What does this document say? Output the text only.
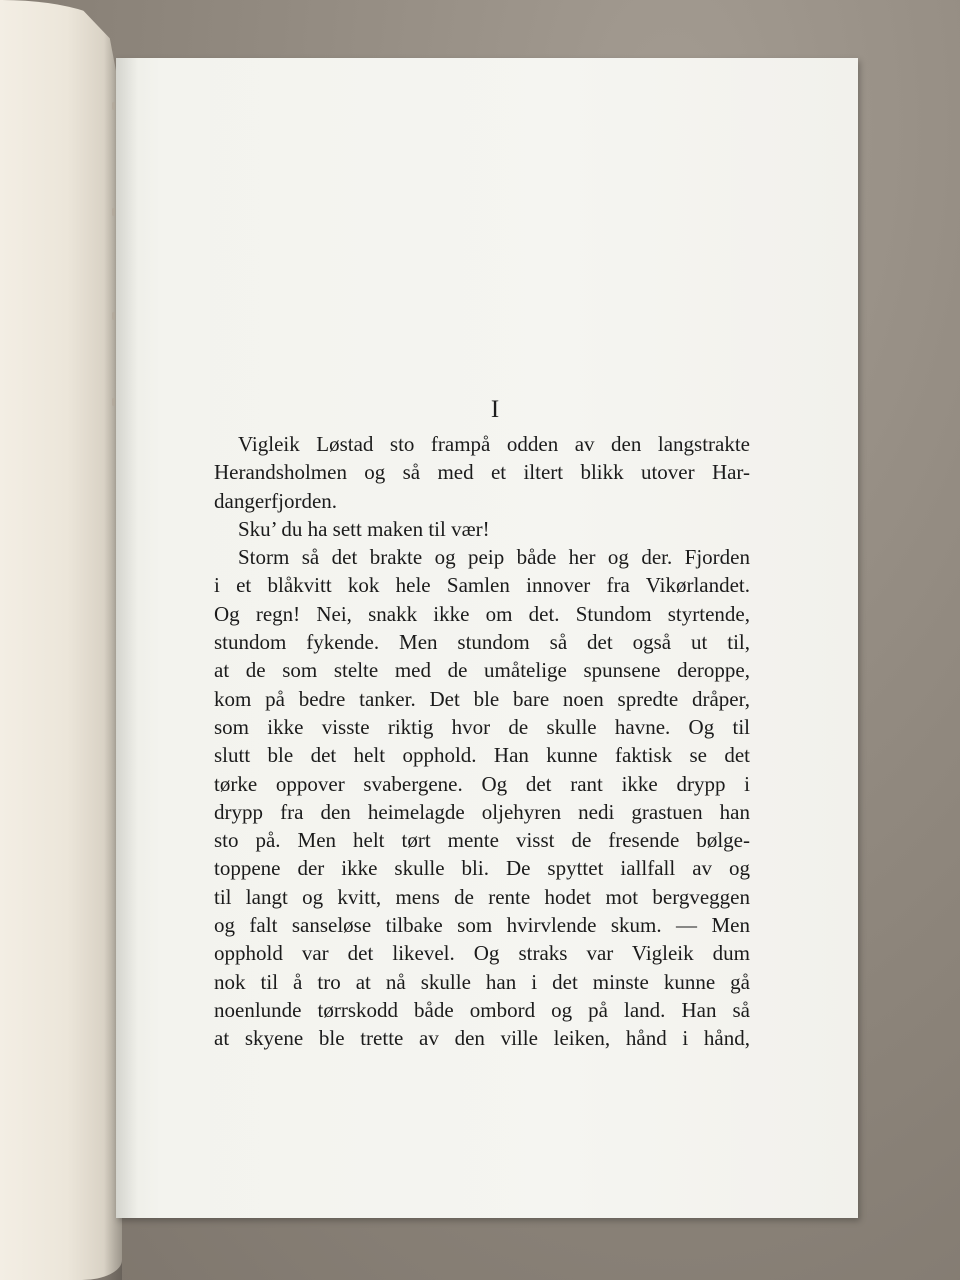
I
Vigleik Løstad sto frampå odden av den langstrakte
Herandsholmen og så med et iltert blikk utover Har-
dangerfjorden.
Sku’ du ha sett maken til vær!
Storm så det brakte og peip både her og der. Fjorden
i et blåkvitt kok hele Samlen innover fra Vikørlandet.
Og regn! Nei, snakk ikke om det. Stundom styrtende,
stundom fykende. Men stundom så det også ut til,
at de som stelte med de umåtelige spunsene deroppe,
kom på bedre tanker. Det ble bare noen spredte dråper,
som ikke visste riktig hvor de skulle havne. Og til
slutt ble det helt opphold. Han kunne faktisk se det
tørke oppover svabergene. Og det rant ikke drypp i
drypp fra den heimelagde oljehyren nedi grastuen han
sto på. Men helt tørt mente visst de fresende bølge-
toppene der ikke skulle bli. De spyttet iallfall av og
til langt og kvitt, mens de rente hodet mot bergveggen
og falt sanseløse tilbake som hvirvlende skum. — Men
opphold var det likevel. Og straks var Vigleik dum
nok til å tro at nå skulle han i det minste kunne gå
noenlunde tørrskodd både ombord og på land. Han så
at skyene ble trette av den ville leiken, hånd i hånd,
